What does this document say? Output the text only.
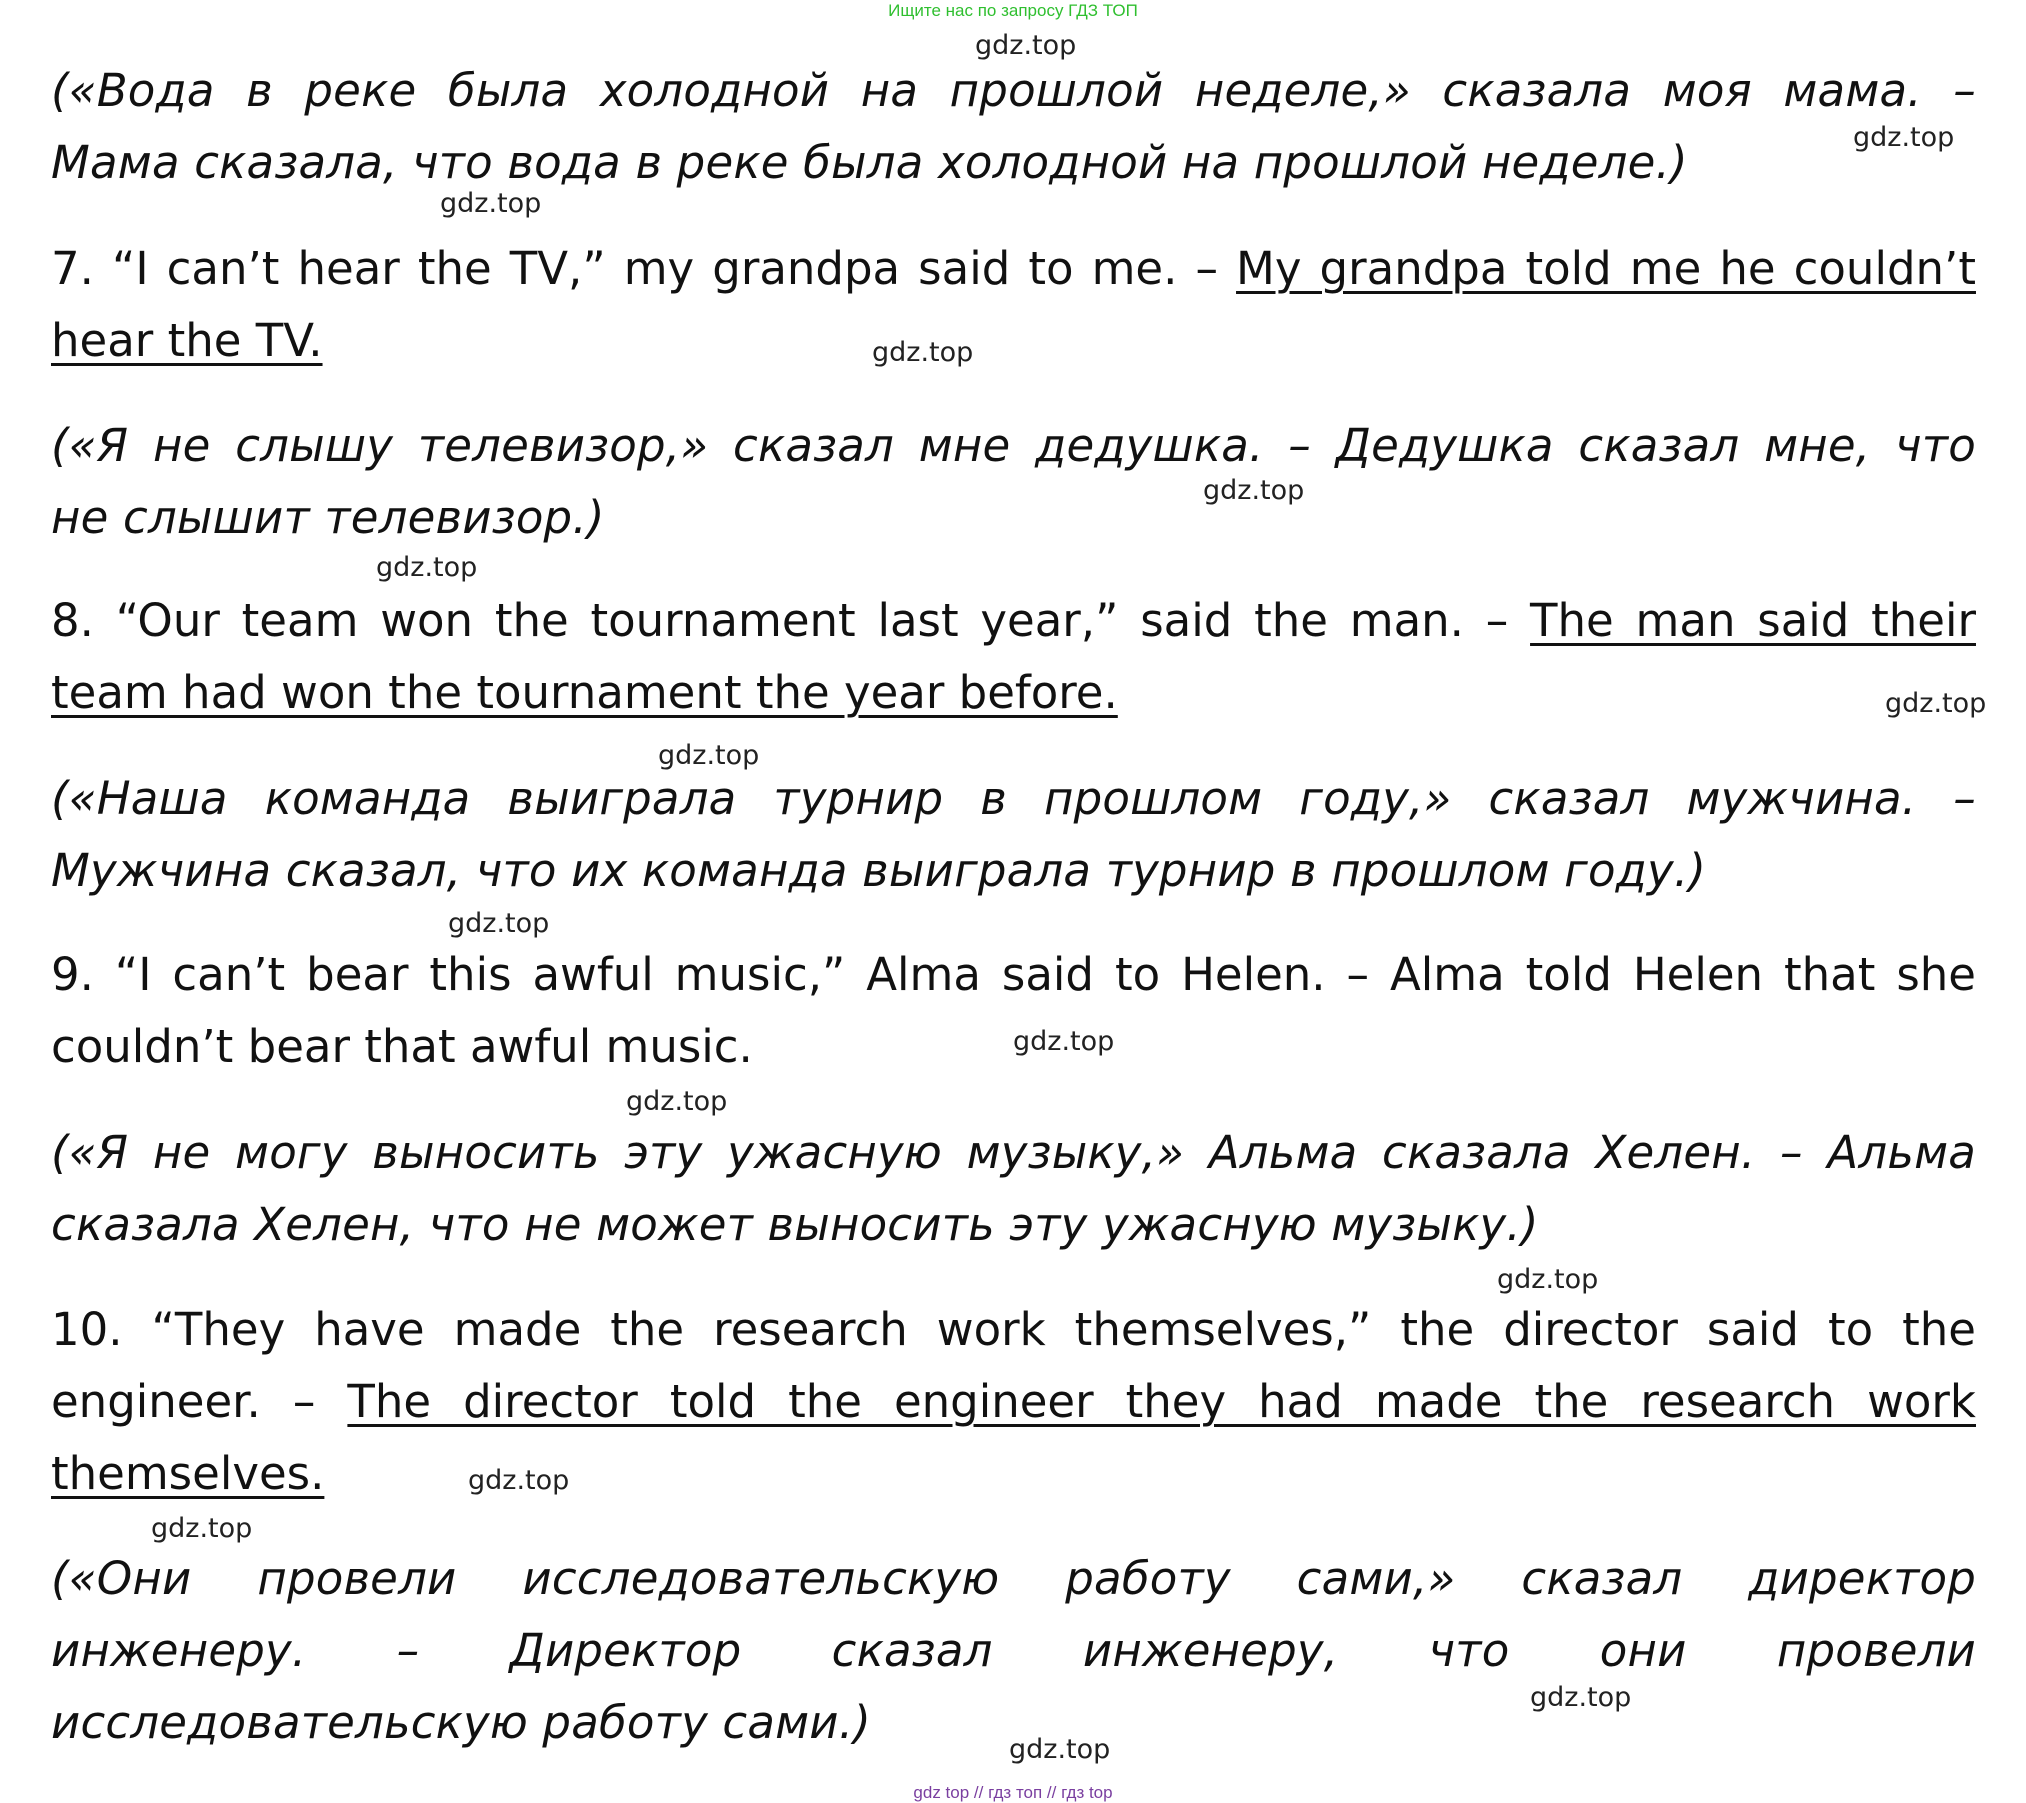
Ищите нас по запросу ГДЗ ТОП
(«Вода в реке была холодной на прошлой неделе,» сказала моя мама. –
Мама сказала, что вода в реке была холодной на прошлой неделе.)
7. “I can’t hear the TV,” my grandpa said to me. – My grandpa told me he couldn’t
hear the TV.
(«Я не слышу телевизор,» сказал мне дедушка. – Дедушка сказал мне, что
не слышит телевизор.)
8. “Our team won the tournament last year,” said the man. – The man said their
team had won the tournament the year before.
(«Наша команда выиграла турнир в прошлом году,» сказал мужчина. –
Мужчина сказал, что их команда выиграла турнир в прошлом году.)
9. “I can’t bear this awful music,” Alma said to Helen. – Alma told Helen that she
couldn’t bear that awful music.
(«Я не могу выносить эту ужасную музыку,» Альма сказала Хелен. – Альма
сказала Хелен, что не может выносить эту ужасную музыку.)
10. “They have made the research work themselves,” the director said to the
engineer. – The director told the engineer they had made the research work
themselves.
(«Они провели исследовательскую работу сами,» сказал директор
инженеру. – Директор сказал инженеру, что они провели
исследовательскую работу сами.)
gdz.top
gdz.top
gdz.top
gdz.top
gdz.top
gdz.top
gdz.top
gdz.top
gdz.top
gdz.top
gdz.top
gdz.top
gdz.top
gdz.top
gdz.top
gdz.top
gdz top // гдз топ // гдз top
